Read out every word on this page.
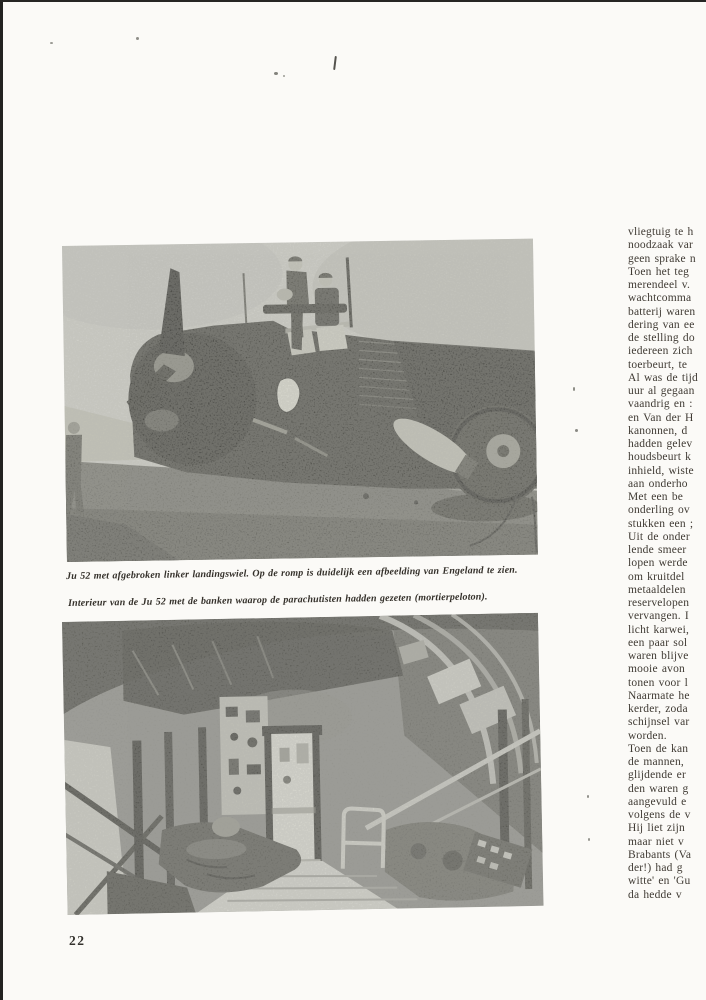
Ju 52 met afgebroken linker landingswiel. Op de romp is duidelijk een afbeelding van Engeland te zien.
Interieur van de Ju 52 met de banken waarop de parachutisten hadden gezeten (mortierpeloton).
vliegtuig te h
noodzaak var
geen sprake n
Toen het teg
merendeel v.
wachtcomma
batterij waren
dering van ee
de stelling do
iedereen zich
toerbeurt, te
Al was de tijd
uur al gegaan
vaandrig en :
en Van der H
kanonnen, d
hadden gelev
houdsbeurt k
inhield, wiste
aan onderho
Met een be
onderling ov
stukken een ;
Uit de onder
lende smeer
lopen werde
om kruitdel
metaaldelen
reservelopen
vervangen. I
licht karwei,
een paar sol
waren blijve
mooie avon
tonen voor l
Naarmate he
kerder, zoda
schijnsel var
worden.
Toen de kan
de mannen,
glijdende er
den waren g
aangevuld e
volgens de v
Hij liet zijn
maar niet v
Brabants (Va
der!) had g
witte' en 'Gu
da hedde v
22
